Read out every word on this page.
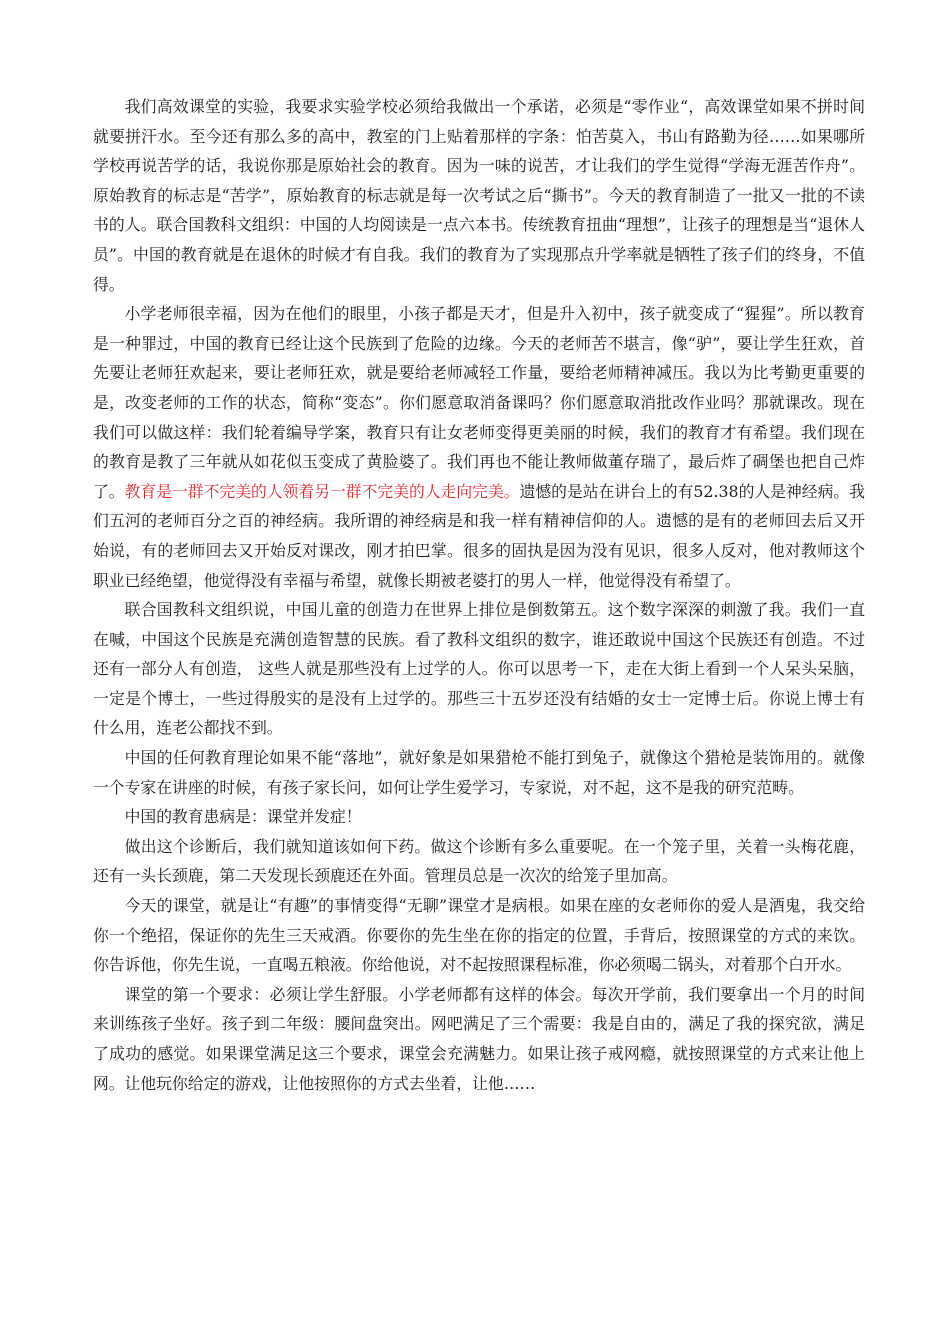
我们高效课堂的实验，我要求实验学校必须给我做出一个承诺，必须是“零作业“，高效课堂如果不拼时间就要拼汗水。至今还有那么多的高中，教室的门上贴着那样的字条：怕苦莫入，书山有路勤为径……如果哪所学校再说苦学的话，我说你那是原始社会的教育。因为一味的说苦，才让我们的学生觉得“学海无涯苦作舟”。原始教育的标志是“苦学”，原始教育的标志就是每一次考试之后“撕书”。今天的教育制造了一批又一批的不读书的人。联合国教科文组织：中国的人均阅读是一点六本书。传统教育扭曲“理想”，让孩子的理想是当“退休人员”。中国的教育就是在退休的时候才有自我。我们的教育为了实现那点升学率就是牺牲了孩子们的终身，不值得。

小学老师很幸福，因为在他们的眼里，小孩子都是天才，但是升入初中，孩子就变成了“猩猩”。所以教育是一种罪过，中国的教育已经让这个民族到了危险的边缘。今天的老师苦不堪言，像“驴”，要让学生狂欢，首先要让老师狂欢起来，要让老师狂欢，就是要给老师减轻工作量，要给老师精神减压。我以为比考勤更重要的是，改变老师的工作的状态，简称“变态”。你们愿意取消备课吗？你们愿意取消批改作业吗？那就课改。现在我们可以做这样：我们轮着编导学案，教育只有让女老师变得更美丽的时候，我们的教育才有希望。我们现在的教育是教了三年就从如花似玉变成了黄脸婆了。我们再也不能让教师做董存瑞了，最后炸了碉堡也把自己炸了。教育是一群不完美的人领着另一群不完美的人走向完美。遗憾的是站在讲台上的有52.38的人是神经病。我们五河的老师百分之百的神经病。我所谓的神经病是和我一样有精神信仰的人。遗憾的是有的老师回去后又开始说，有的老师回去又开始反对课改，刚才拍巴掌。很多的固执是因为没有见识，很多人反对，他对教师这个职业已经绝望，他觉得没有幸福与希望，就像长期被老婆打的男人一样，他觉得没有希望了。

联合国教科文组织说，中国儿童的创造力在世界上排位是倒数第五。这个数字深深的刺激了我。我们一直在喊，中国这个民族是充满创造智慧的民族。看了教科文组织的数字，谁还敢说中国这个民族还有创造。不过还有一部分人有创造， 这些人就是那些没有上过学的人。你可以思考一下，走在大街上看到一个人呆头呆脑，一定是个博士，一些过得殷实的是没有上过学的。那些三十五岁还没有结婚的女士一定博士后。你说上博士有什么用，连老公都找不到。

中国的任何教育理论如果不能“落地”，就好象是如果猎枪不能打到兔子，就像这个猎枪是装饰用的。就像一个专家在讲座的时候，有孩子家长问，如何让学生爱学习，专家说，对不起，这不是我的研究范畴。

中国的教育患病是：课堂并发症！

做出这个诊断后，我们就知道该如何下药。做这个诊断有多么重要呢。在一个笼子里，关着一头梅花鹿，还有一头长颈鹿，第二天发现长颈鹿还在外面。管理员总是一次次的给笼子里加高。

今天的课堂，就是让“有趣”的事情变得“无聊”课堂才是病根。如果在座的女老师你的爱人是酒鬼，我交给你一个绝招，保证你的先生三天戒酒。你要你的先生坐在你的指定的位置，手背后，按照课堂的方式的来饮。你告诉他，你先生说，一直喝五粮液。你给他说，对不起按照课程标准，你必须喝二锅头，对着那个白开水。

课堂的第一个要求：必须让学生舒服。小学老师都有这样的体会。每次开学前，我们要拿出一个月的时间来训练孩子坐好。孩子到二年级：腰间盘突出。网吧满足了三个需要：我是自由的，满足了我的探究欲，满足了成功的感觉。如果课堂满足这三个要求，课堂会充满魅力。如果让孩子戒网瘾，就按照课堂的方式来让他上网。让他玩你给定的游戏，让他按照你的方式去坐着，让他……
